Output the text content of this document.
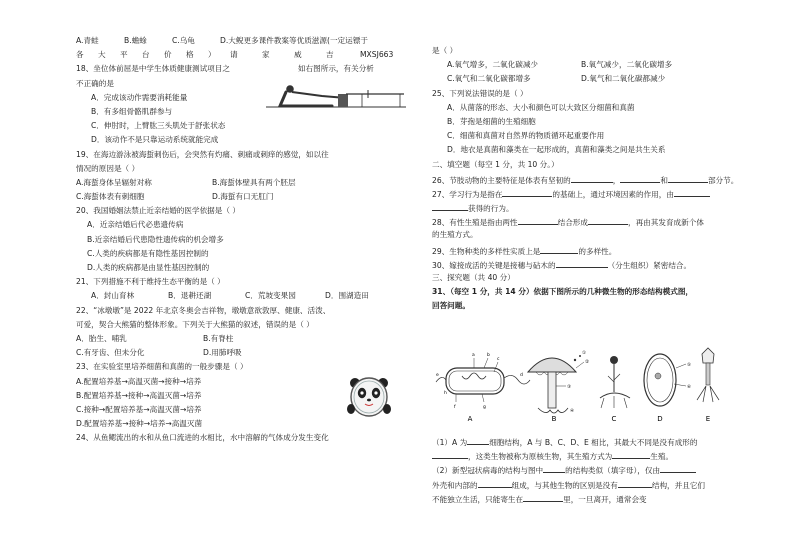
A.青蛙	B.蟾蜍	C.乌龟	D.大鲵更多课件教案等优质滋源(一定运镖于
各 大 平 台 价 格 ） 请	家	威	吉	MXSJ663
18、坐位体前屈是中学生体质健康测试项目之	如右图所示，有关分析
不正确的是
A．完成该动作需要消耗能量
B．有多组骨骼肌群参与
C．伸肘时，上臂肱三头肌处于舒张状态
D．该动作不是只靠运动系统就能完成
19、在海边游泳被海蜇刺伤后，会突然有灼痛、刺痛或刺痒的感觉，如以往
情况的原因是（ ）
A.海蜇身体呈辐射对称	B.海蜇体壁具有两个胚层
C.海蜇体表有刺细胞	D.海蜇有口无肛门
20、我国婚姻法禁止近亲结婚的医学依据是（ ）
A．近亲结婚后代必患遗传病
B.近亲结婚后代患隐性遗传病的机会增多
C.人类的疾病都是有隐性基因控制的
D.人类的疾病都是由显性基因控制的
21、下列措施不利于维持生态平衡的是（ ）
A．封山育林	B．退耕还湖	C．荒坡变果园	D．围湖造田
22、“冰墩墩”是 2022 年北京冬奥会吉祥物，墩墩意欲敦厚、健康、活泼、
可爱，契合大熊猫的整体形象。下列关于大熊猫的叙述，错误的是（ ）
A．胎生、哺乳	B.有脊柱
C.有牙齿、但未分化	D.用肺呼吸
23、在实验室里培养细菌和真菌的一般步骤是（ ）
A.配置培养基→高温灭菌→接种→培养
B.配置培养基→接种→高温灭菌→培养
C.接种→配置培养基→高温灭菌→培养
D.配置培养基→接种→培养→高温灭菌
24、从鱼鳃流出的水和从鱼口流进的水相比，水中溶解的气体成分发生变化
是（ ）
A.氧气增多，二氧化碳减少	B.氧气减少，二氧化碳增多
C.氧气和二氧化碳都增多	D.氧气和二氧化碳都减少
25、下列说法错误的是（ ）
A．从菌落的形态、大小和颜色可以大致区分细菌和真菌
B．芽孢是细菌的生殖细胞
C．细菌和真菌对自然界的物质循环起重要作用
D．地衣是真菌和藻类在一起形成的，真菌和藻类之间是共生关系
二、填空题（每空 1 分，共 10 分。）
26、节肢动物的主要特征是体表有坚韧的	，	和	部分节。
27、学习行为是指在	的基础上，通过环境因素的作用，由
获得的行为。
28、有性生殖是指由两性	结合形成	，再由其发育成新个体
的生殖方式。
29、生物种类的多样性实质上是	的多样性。
30、嫁接成活的关键是接穗与砧木的	（分生组织）紧密结合。
三、探究题（共 40 分）
31、（每空 1 分，共 14 分）依据下图所示的几种微生物的形态结构模式图，
回答问题。
A	B	C	D	E
a	b
c
d
e
f	g
h
①
②
③
④
⑤
⑥
（1）A 为	细胞结构，A 与 B、C、D、E 相比，其最大不同是没有成形的
，这类生物被称为原核生物，其生殖方式为	生殖。
（2）新型冠状病毒的结构与图中	的结构类似（填字母），仅由
外壳和内部的	组成，与其他生物的区别是没有	结构，并且它们
不能独立生活，只能寄生在	里，一旦离开，通常会变
